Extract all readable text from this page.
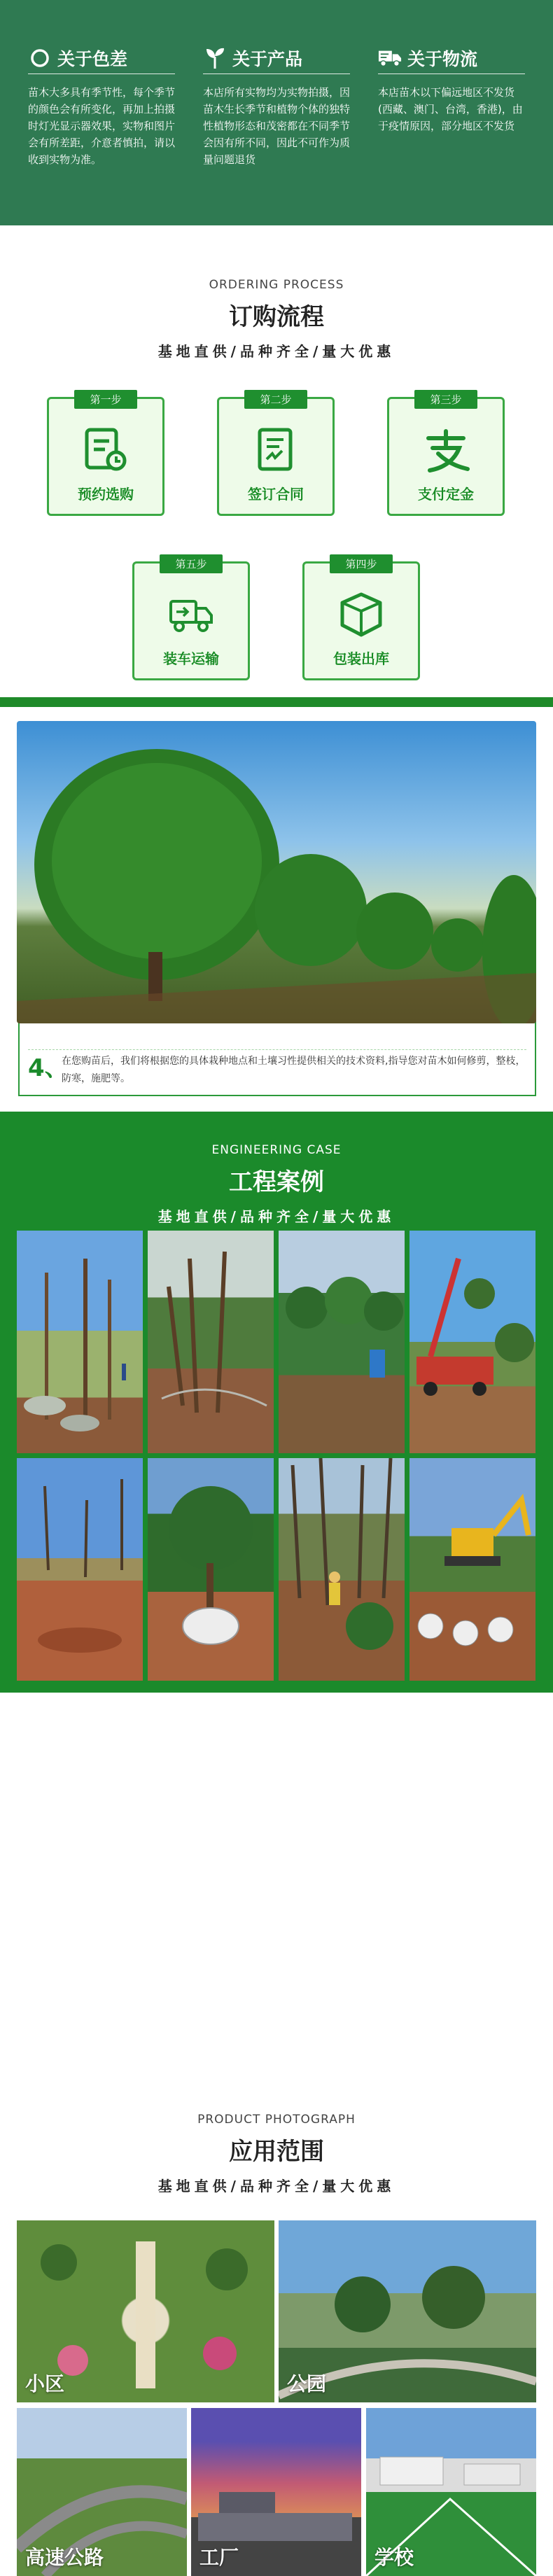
关于色差

苗木大多具有季节性，每个季节的颜色会有所变化，再加上拍摄时灯光显示器效果，实物和图片会有所差距，介意者慎拍，请以收到实物为准。

关于产品

本店所有实物均为实物拍摄，因苗木生长季节和植物个体的独特性植物形态和茂密都在不同季节会因有所不同，因此不可作为质量问题退货

关于物流

本店苗木以下偏远地区不发货(西藏、澳门、台湾，香港)，由于疫情原因，部分地区不发货

ORDERING PROCESS
订购流程
基地直供/品种齐全/量大优惠
第一步
预约选购
第二步
签订合同
第三步
支付定金
第五步
装车运输
第四步
包装出库

4、
在您购苗后，我们将根据您的具体栽种地点和土壤习性提供相关的技术资料,指导您对苗木如何修剪，整枝，防寒，施肥等。
ENGINEERING CASE
工程案例
基地直供/品种齐全/量大优惠
PRODUCT PHOTOGRAPH
应用范围
基地直供/品种齐全/量大优惠
小区	公园
高速公路	工厂	学校
